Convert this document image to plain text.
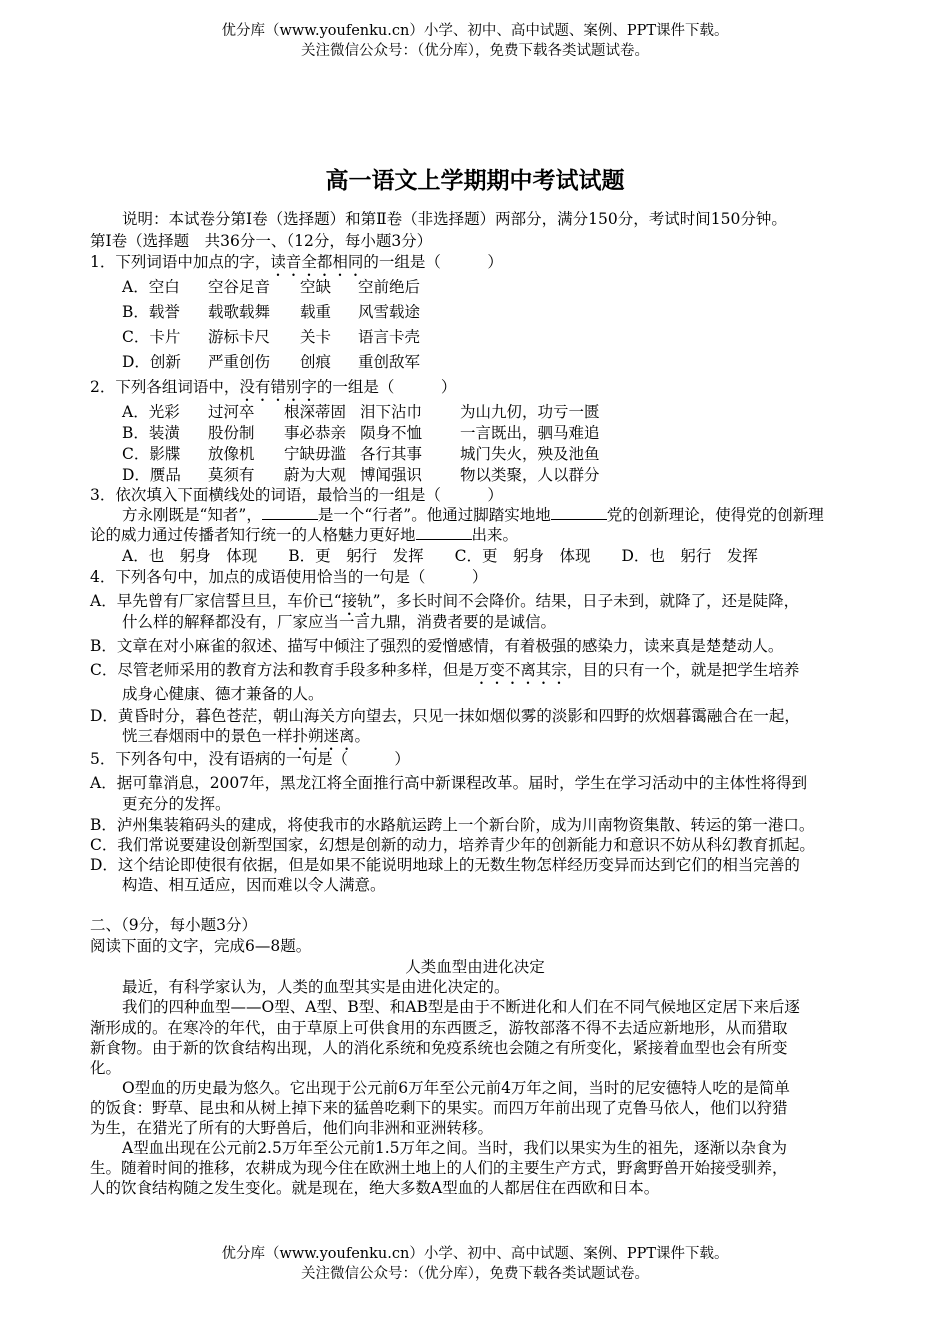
优分库（www.youfenku.cn）小学、初中、高中试题、案例、PPT课件下载。
关注微信公众号：（优分库），免费下载各类试题试卷。
高一语文上学期期中考试试题
说明：本试卷分第Ⅰ卷（选择题）和第Ⅱ卷（非选择题）两部分，满分150分，考试时间150分钟。
第Ⅰ卷（选择题　共36分一、（12分，每小题3分）
1．下列词语中加点的字，读音全都相同的一组是（　　　）
A．空白 空谷足音 空缺 空前绝后
B．载誉 载歌载舞 载重 风雪载途
C．卡片 游标卡尺 关卡 语言卡壳
D．创新 严重创伤 创痕 重创敌军
2．下列各组词语中，没有错别字的一组是（　　　）
A．光彩 过河卒 根深蒂固 泪下沾巾 为山九仞，功亏一匮
B．装潢 股份制 事必恭亲 陨身不恤 一言既出，驷马难追
C．影牒 放像机 宁缺毋滥 各行其事 城门失火，殃及池鱼
D．赝品 莫须有 蔚为大观 博闻强识 物以类聚，人以群分
3．依次填入下面横线处的词语，最恰当的一组是（　　　）
方永刚既是“知者”，	是一个“行者”。他通过脚踏实地地	党的创新理论，使得党的创新理
论的威力通过传播者知行统一的人格魅力更好地	出来。
A．也　躬身　体现　　B．更　躬行　发挥　　C．更　躬身　体现　　D．也　躬行　发挥
4．下列各句中，加点的成语使用恰当的一句是（　　　）
A．早先曾有厂家信誓旦旦，车价已“接轨”，多长时间不会降价。结果，日子未到，就降了，还是陡降，
什么样的解释都没有，厂家应当一言九鼎，消费者要的是诚信。
B．文章在对小麻雀的叙述、描写中倾注了强烈的爱憎感情，有着极强的感染力，读来真是楚楚动人。
C．尽管老师采用的教育方法和教育手段多种多样，但是万变不离其宗，目的只有一个，就是把学生培养
成身心健康、德才兼备的人。
D．黄昏时分，暮色苍茫，朝山海关方向望去，只见一抹如烟似雾的淡影和四野的炊烟暮霭融合在一起，
恍三春烟雨中的景色一样扑朔迷离。
5．下列各句中，没有语病的一句是（　　　）
A．据可靠消息，2007年，黑龙江将全面推行高中新课程改革。届时，学生在学习活动中的主体性将得到
更充分的发挥。
B．泸州集装箱码头的建成，将使我市的水路航运跨上一个新台阶，成为川南物资集散、转运的第一港口。
C．我们常说要建设创新型国家，幻想是创新的动力，培养青少年的创新能力和意识不妨从科幻教育抓起。
D．这个结论即使很有依据，但是如果不能说明地球上的无数生物怎样经历变异而达到它们的相当完善的
构造、相互适应，因而难以令人满意。
二、（9分，每小题3分）
阅读下面的文字，完成6—8题。
人类血型由进化决定
最近，有科学家认为，人类的血型其实是由进化决定的。
我们的四种血型——O型、A型、B型、和AB型是由于不断进化和人们在不同气候地区定居下来后逐
渐形成的。在寒冷的年代，由于草原上可供食用的东西匮乏，游牧部落不得不去适应新地形，从而猎取
新食物。由于新的饮食结构出现，人的消化系统和免疫系统也会随之有所变化，紧接着血型也会有所变
化。
O型血的历史最为悠久。它出现于公元前6万年至公元前4万年之间，当时的尼安德特人吃的是简单
的饭食：野草、昆虫和从树上掉下来的猛兽吃剩下的果实。而四万年前出现了克鲁马依人，他们以狩猎
为生，在猎光了所有的大野兽后，他们向非洲和亚洲转移。
A型血出现在公元前2.5万年至公元前1.5万年之间。当时，我们以果实为生的祖先，逐渐以杂食为
生。随着时间的推移，农耕成为现今住在欧洲土地上的人们的主要生产方式，野禽野兽开始接受驯养，
人的饮食结构随之发生变化。就是现在，绝大多数A型血的人都居住在西欧和日本。
优分库（www.youfenku.cn）小学、初中、高中试题、案例、PPT课件下载。
关注微信公众号：（优分库），免费下载各类试题试卷。
